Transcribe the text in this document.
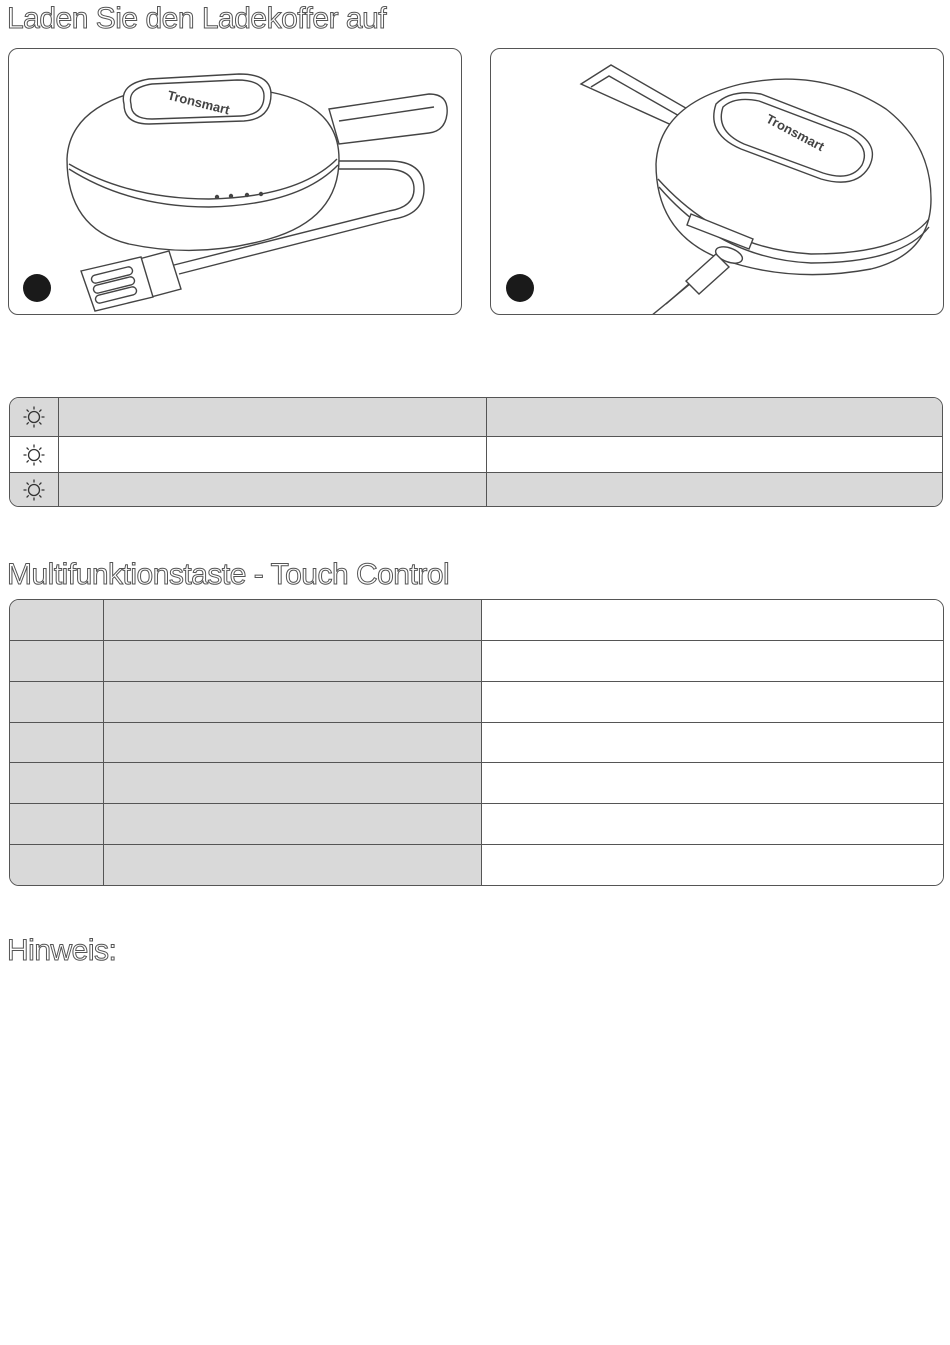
Laden Sie den Ladekoffer auf
Tronsmart
Tronsmart
Multifunktionstaste - Touch Control
Hinweis:
